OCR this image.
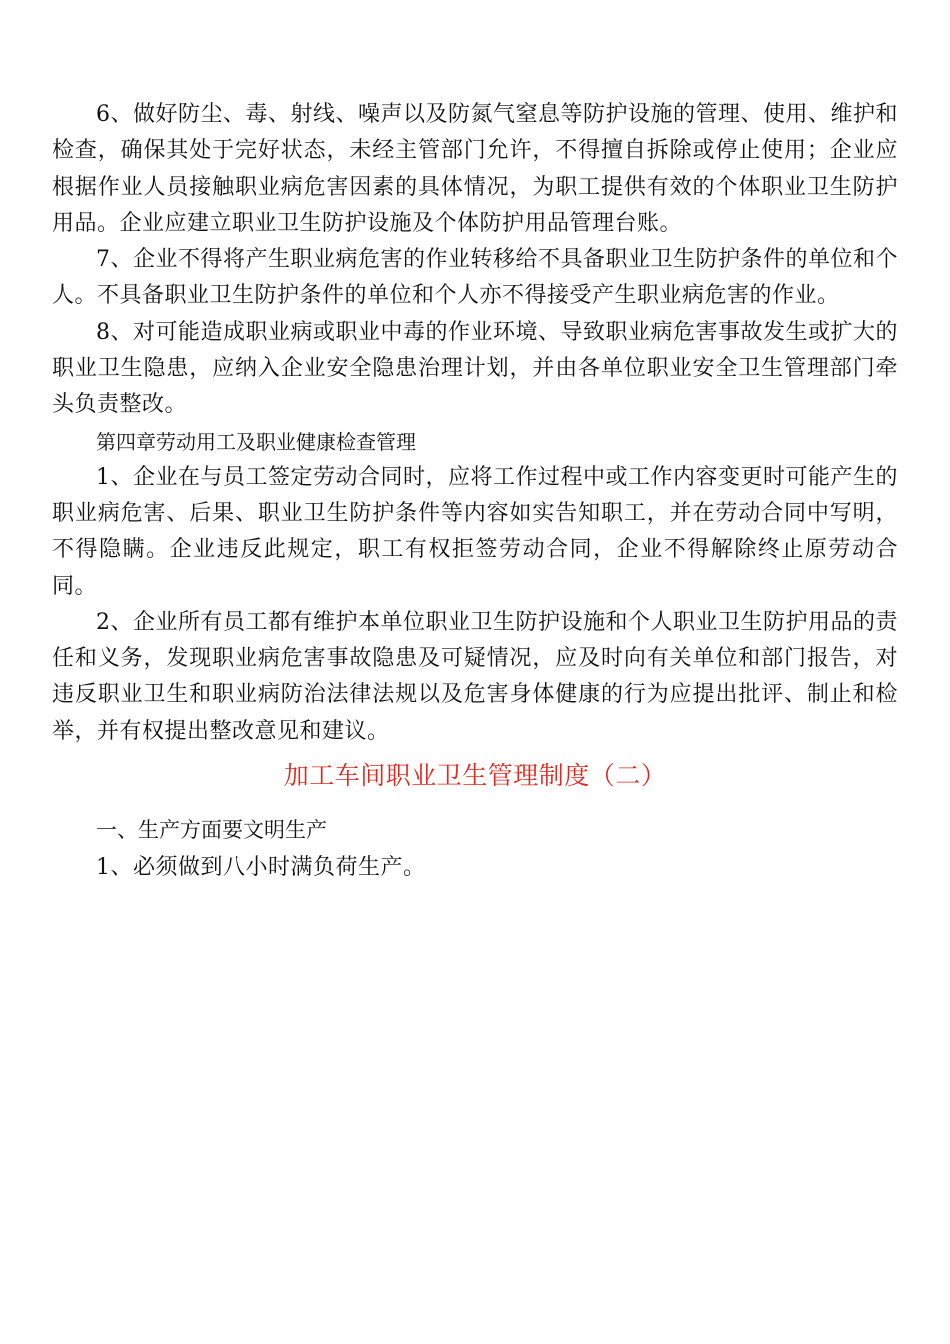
6、做好防尘、毒、射线、噪声以及防氮气窒息等防护设施的管理、使用、维护和检查，确保其处于完好状态，未经主管部门允许，不得擅自拆除或停止使用；企业应根据作业人员接触职业病危害因素的具体情况，为职工提供有效的个体职业卫生防护用品。企业应建立职业卫生防护设施及个体防护用品管理台账。

7、企业不得将产生职业病危害的作业转移给不具备职业卫生防护条件的单位和个人。不具备职业卫生防护条件的单位和个人亦不得接受产生职业病危害的作业。

8、对可能造成职业病或职业中毒的作业环境、导致职业病危害事故发生或扩大的职业卫生隐患，应纳入企业安全隐患治理计划，并由各单位职业安全卫生管理部门牵头负责整改。

第四章劳动用工及职业健康检查管理

1、企业在与员工签定劳动合同时，应将工作过程中或工作内容变更时可能产生的职业病危害、后果、职业卫生防护条件等内容如实告知职工，并在劳动合同中写明，不得隐瞒。企业违反此规定，职工有权拒签劳动合同，企业不得解除终止原劳动合同。

2、企业所有员工都有维护本单位职业卫生防护设施和个人职业卫生防护用品的责任和义务，发现职业病危害事故隐患及可疑情况，应及时向有关单位和部门报告，对违反职业卫生和职业病防治法律法规以及危害身体健康的行为应提出批评、制止和检举，并有权提出整改意见和建议。

加工车间职业卫生管理制度（二）

一、生产方面要文明生产

1、必须做到八小时满负荷生产。
